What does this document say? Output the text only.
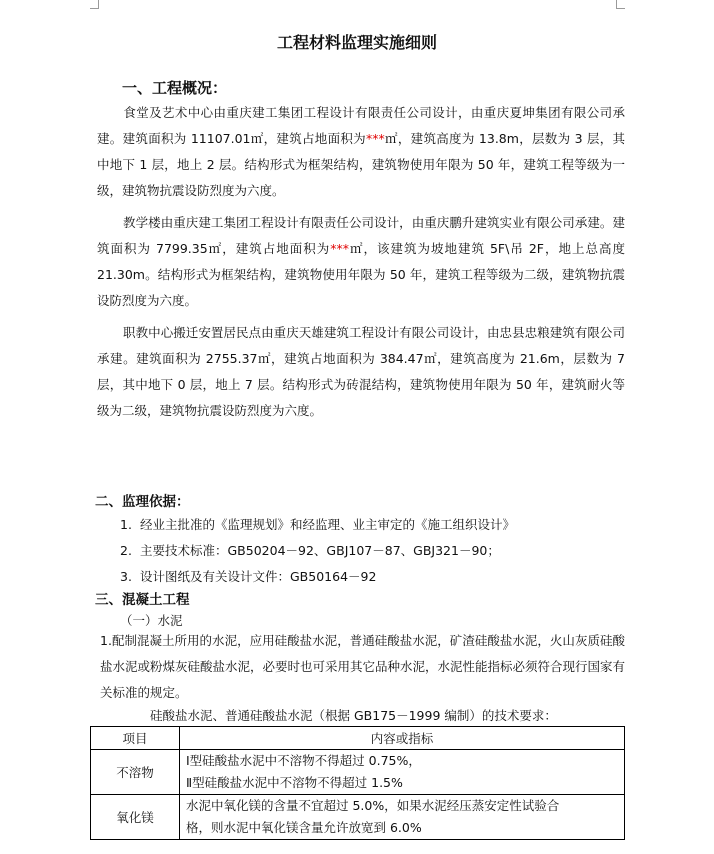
工程材料监理实施细则
一、工程概况：
食堂及艺术中心由重庆建工集团工程设计有限责任公司设计，由重庆夏坤集团有限公司承建。建筑面积为 11107.01㎡，建筑占地面积为***㎡，建筑高度为 13.8m，层数为 3 层，其中地下 1 层，地上 2 层。结构形式为框架结构，建筑物使用年限为 50 年，建筑工程等级为一级，建筑物抗震设防烈度为六度。
教学楼由重庆建工集团工程设计有限责任公司设计，由重庆鹏升建筑实业有限公司承建。建筑面积为 7799.35㎡，建筑占地面积为***㎡，该建筑为坡地建筑 5F\吊 2F，地上总高度 21.30m。结构形式为框架结构，建筑物使用年限为 50 年，建筑工程等级为二级，建筑物抗震设防烈度为六度。
职教中心搬迁安置居民点由重庆天雄建筑工程设计有限公司设计，由忠县忠粮建筑有限公司承建。建筑面积为 2755.37㎡，建筑占地面积为 384.47㎡，建筑高度为 21.6m，层数为 7 层，其中地下 0 层，地上 7 层。结构形式为砖混结构，建筑物使用年限为 50 年，建筑耐火等级为二级，建筑物抗震设防烈度为六度。
二、监理依据：
1. 经业主批准的《监理规划》和经监理、业主审定的《施工组织设计》
2. 主要技术标准：GB50204－92、GBJ107－87、GBJ321－90；
3. 设计图纸及有关设计文件：GB50164－92
三、混凝土工程
（一）水泥
1.配制混凝土所用的水泥，应用硅酸盐水泥，普通硅酸盐水泥，矿渣硅酸盐水泥，火山灰质硅酸盐水泥或粉煤灰硅酸盐水泥，必要时也可采用其它品种水泥，水泥性能指标必须符合现行国家有关标准的规定。
硅酸盐水泥、普通硅酸盐水泥（根据 GB175－1999 编制）的技术要求：
项目	内容或指标
不溶物	Ⅰ型硅酸盐水泥中不溶物不得超过 0.75%，
Ⅱ型硅酸盐水泥中不溶物不得超过 1.5%

氧化镁	水泥中氧化镁的含量不宜超过 5.0%，如果水泥经压蒸安定性试验合
格，则水泥中氧化镁含量允许放宽到 6.0%
